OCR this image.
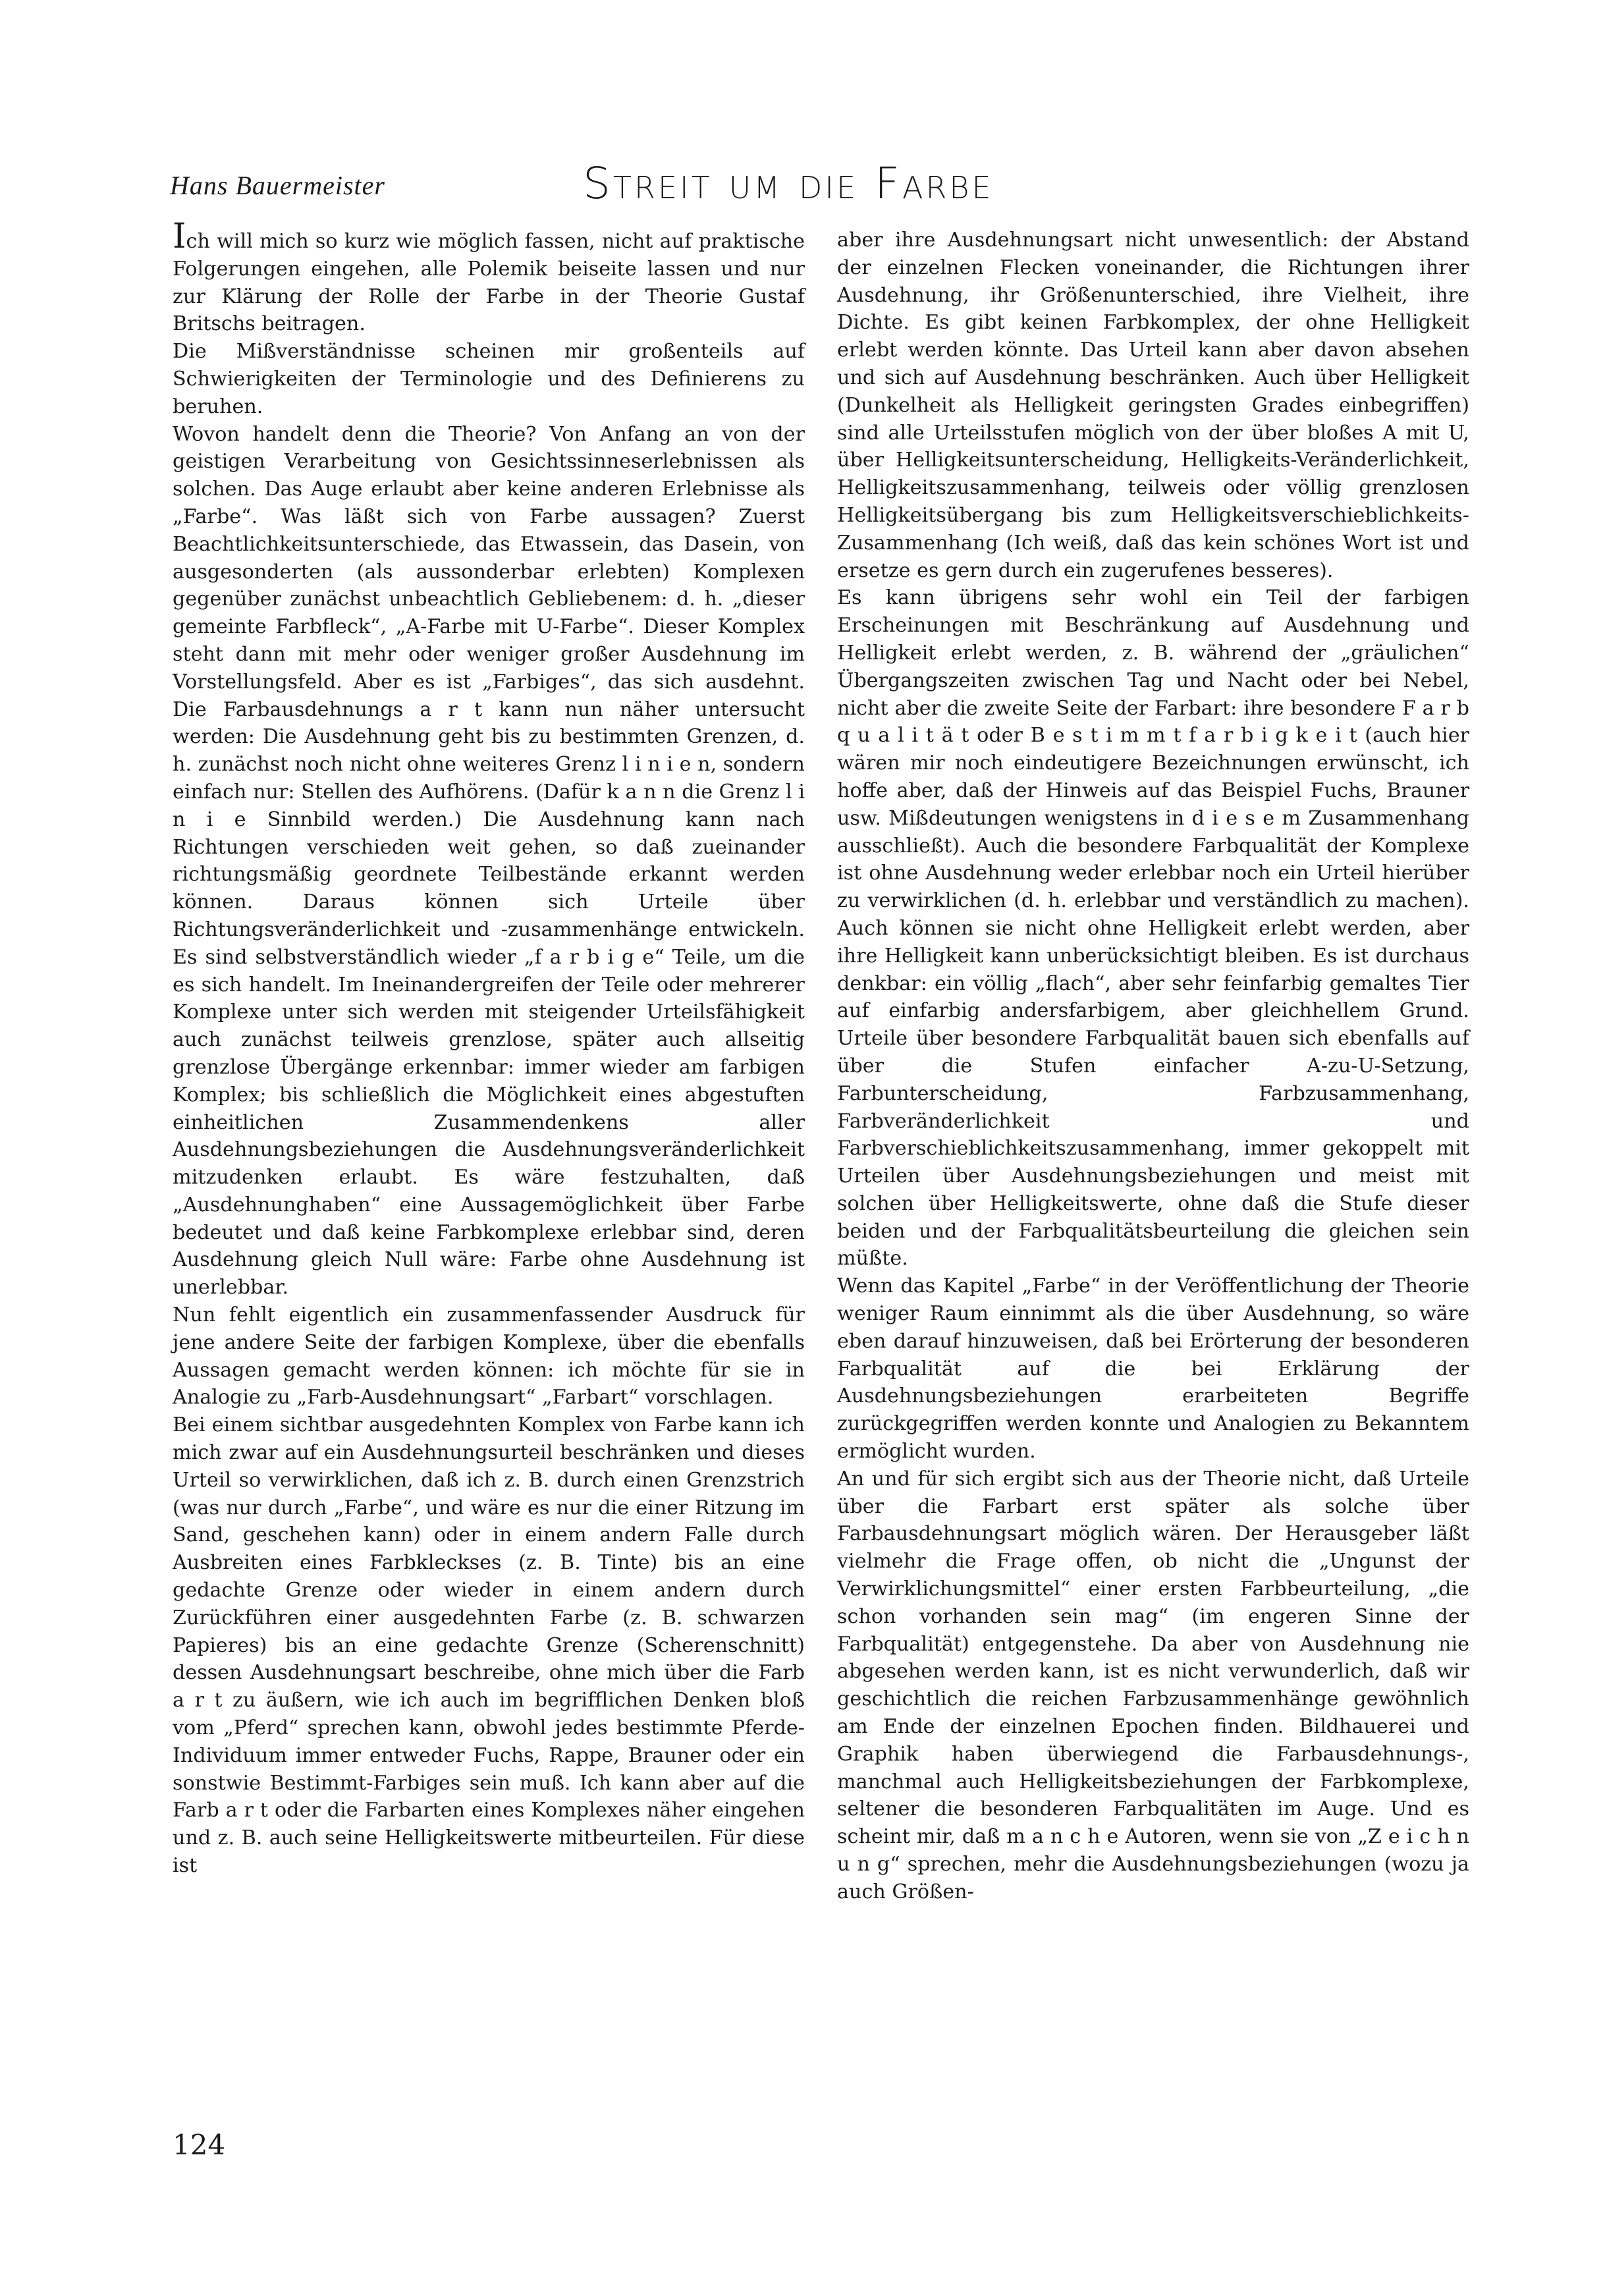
Hans Bauermeister	Streit um die Farbe

Ich will mich so kurz wie möglich fassen, nicht auf praktische Folgerungen eingehen, alle Polemik beiseite lassen und nur zur Klärung der Rolle der Farbe in der Theorie Gustaf Britschs beitragen.

Die Mißverständnisse scheinen mir großenteils auf Schwierigkeiten der Terminologie und des Definierens zu beruhen.

Wovon handelt denn die Theorie? Von Anfang an von der geistigen Verarbeitung von Gesichtssinneserlebnissen als solchen. Das Auge erlaubt aber keine anderen Erlebnisse als „Farbe“. Was läßt sich von Farbe aussagen? Zuerst Beachtlichkeitsunterschiede, das Etwassein, das Dasein, von ausgesonderten (als aussonderbar erlebten) Komplexen gegenüber zunächst unbeachtlich Gebliebenem: d. h. „dieser gemeinte Farbfleck“, „A-Farbe mit U-Farbe“. Dieser Komplex steht dann mit mehr oder weniger großer Ausdehnung im Vorstellungsfeld. Aber es ist „Farbiges“, das sich ausdehnt. Die Farbausdehnungs a r t kann nun näher untersucht werden: Die Ausdehnung geht bis zu bestimmten Grenzen, d. h. zunächst noch nicht ohne weiteres Grenz l i n i e n, sondern einfach nur: Stellen des Aufhörens. (Dafür k a n n die Grenz l i n i e Sinnbild werden.) Die Ausdehnung kann nach Richtungen verschieden weit gehen, so daß zueinander richtungsmäßig geordnete Teilbestände erkannt werden können. Daraus können sich Urteile über Richtungsveränderlichkeit und -zusammenhänge entwickeln. Es sind selbstverständlich wieder „f a r b i g e“ Teile, um die es sich handelt. Im Ineinandergreifen der Teile oder mehrerer Komplexe unter sich werden mit steigender Urteilsfähigkeit auch zunächst teilweis grenzlose, später auch allseitig grenzlose Übergänge erkennbar: immer wieder am farbigen Komplex; bis schließlich die Möglichkeit eines abgestuften einheitlichen Zusammendenkens aller Ausdehnungsbeziehungen die Ausdehnungsveränderlichkeit mitzudenken erlaubt. Es wäre festzuhalten, daß „Ausdehnunghaben“ eine Aussagemöglichkeit über Farbe bedeutet und daß keine Farbkomplexe erlebbar sind, deren Ausdehnung gleich Null wäre: Farbe ohne Ausdehnung ist unerlebbar.

Nun fehlt eigentlich ein zusammenfassender Ausdruck für jene andere Seite der farbigen Komplexe, über die ebenfalls Aussagen gemacht werden können: ich möchte für sie in Analogie zu „Farb-Ausdehnungsart“ „Farbart“ vorschlagen.

Bei einem sichtbar ausgedehnten Komplex von Farbe kann ich mich zwar auf ein Ausdehnungsurteil beschränken und dieses Urteil so verwirklichen, daß ich z. B. durch einen Grenzstrich (was nur durch „Farbe“, und wäre es nur die einer Ritzung im Sand, geschehen kann) oder in einem andern Falle durch Ausbreiten eines Farbkleckses (z. B. Tinte) bis an eine gedachte Grenze oder wieder in einem andern durch Zurückführen einer ausgedehnten Farbe (z. B. schwarzen Papieres) bis an eine gedachte Grenze (Scherenschnitt) dessen Ausdehnungsart beschreibe, ohne mich über die Farb a r t zu äußern, wie ich auch im begrifflichen Denken bloß vom „Pferd“ sprechen kann, obwohl jedes bestimmte Pferde-Individuum immer entweder Fuchs, Rappe, Brauner oder ein sonstwie Bestimmt-Farbiges sein muß. Ich kann aber auf die Farb a r t oder die Farbarten eines Komplexes näher eingehen und z. B. auch seine Helligkeitswerte mitbeurteilen. Für diese ist

aber ihre Ausdehnungsart nicht unwesentlich: der Abstand der einzelnen Flecken voneinander, die Richtungen ihrer Ausdehnung, ihr Größenunterschied, ihre Vielheit, ihre Dichte. Es gibt keinen Farbkomplex, der ohne Helligkeit erlebt werden könnte. Das Urteil kann aber davon absehen und sich auf Ausdehnung beschränken. Auch über Helligkeit (Dunkelheit als Helligkeit geringsten Grades einbegriffen) sind alle Urteilsstufen möglich von der über bloßes A mit U, über Helligkeitsunterscheidung, Helligkeits-Veränderlichkeit, Helligkeitszusammenhang, teilweis oder völlig grenzlosen Helligkeitsübergang bis zum Helligkeitsverschieblichkeits-Zusammenhang (Ich weiß, daß das kein schönes Wort ist und ersetze es gern durch ein zugerufenes besseres).

Es kann übrigens sehr wohl ein Teil der farbigen Erscheinungen mit Beschränkung auf Ausdehnung und Helligkeit erlebt werden, z. B. während der „gräulichen“ Übergangszeiten zwischen Tag und Nacht oder bei Nebel, nicht aber die zweite Seite der Farbart: ihre besondere F a r b q u a l i t ä t oder B e s t i m m t f a r b i g k e i t (auch hier wären mir noch eindeutigere Bezeichnungen erwünscht, ich hoffe aber, daß der Hinweis auf das Beispiel Fuchs, Brauner usw. Mißdeutungen wenigstens in d i e s e m Zusammenhang ausschließt). Auch die besondere Farbqualität der Komplexe ist ohne Ausdehnung weder erlebbar noch ein Urteil hierüber zu verwirklichen (d. h. erlebbar und verständlich zu machen). Auch können sie nicht ohne Helligkeit erlebt werden, aber ihre Helligkeit kann unberücksichtigt bleiben. Es ist durchaus denkbar: ein völlig „flach“, aber sehr feinfarbig gemaltes Tier auf einfarbig andersfarbigem, aber gleichhellem Grund. Urteile über besondere Farbqualität bauen sich ebenfalls auf über die Stufen einfacher A-zu-U-Setzung, Farbunterscheidung, Farbzusammenhang, Farbveränderlichkeit und Farbverschieblichkeitszusammenhang, immer gekoppelt mit Urteilen über Ausdehnungsbeziehungen und meist mit solchen über Helligkeitswerte, ohne daß die Stufe dieser beiden und der Farbqualitätsbeurteilung die gleichen sein müßte.

Wenn das Kapitel „Farbe“ in der Veröffentlichung der Theorie weniger Raum einnimmt als die über Ausdehnung, so wäre eben darauf hinzuweisen, daß bei Erörterung der besonderen Farbqualität auf die bei Erklärung der Ausdehnungsbeziehungen erarbeiteten Begriffe zurückgegriffen werden konnte und Analogien zu Bekanntem ermöglicht wurden.

An und für sich ergibt sich aus der Theorie nicht, daß Urteile über die Farbart erst später als solche über Farbausdehnungsart möglich wären. Der Herausgeber läßt vielmehr die Frage offen, ob nicht die „Ungunst der Verwirklichungsmittel“ einer ersten Farbbeurteilung, „die schon vorhanden sein mag“ (im engeren Sinne der Farbqualität) entgegenstehe. Da aber von Ausdehnung nie abgesehen werden kann, ist es nicht verwunderlich, daß wir geschichtlich die reichen Farbzusammenhänge gewöhnlich am Ende der einzelnen Epochen finden. Bildhauerei und Graphik haben überwiegend die Farbausdehnungs-, manchmal auch Helligkeitsbeziehungen der Farbkomplexe, seltener die besonderen Farbqualitäten im Auge. Und es scheint mir, daß m a n c h e Autoren, wenn sie von „Z e i c h n u n g“ sprechen, mehr die Ausdehnungsbeziehungen (wozu ja auch Größen-

124
